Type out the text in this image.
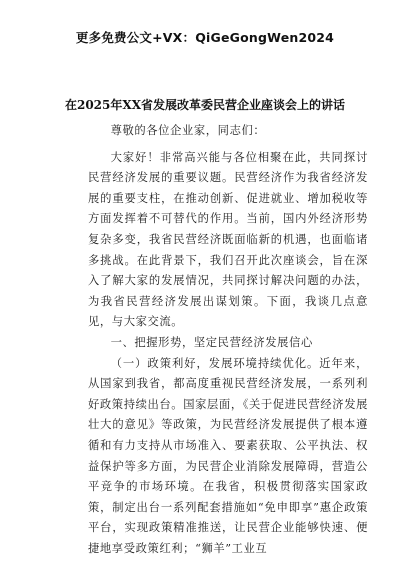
更多免费公文+VX：QiGeGongWen2024
在2025年XX省发展改革委民营企业座谈会上的讲话

尊敬的各位企业家，同志们：

大家好！非常高兴能与各位相聚在此，共同探讨民营经济发展的重要议题。民营经济作为我省经济发展的重要支柱，在推动创新、促进就业、增加税收等方面发挥着不可替代的作用。当前，国内外经济形势复杂多变，我省民营经济既面临新的机遇，也面临诸多挑战。在此背景下，我们召开此次座谈会，旨在深入了解大家的发展情况，共同探讨解决问题的办法，为我省民营经济发展出谋划策。下面，我谈几点意见，与大家交流。

一、把握形势，坚定民营经济发展信心

（一）政策利好，发展环境持续优化。近年来，从国家到我省，都高度重视民营经济发展，一系列利好政策持续出台。国家层面，《关于促进民营经济发展壮大的意见》等政策，为民营经济发展提供了根本遵循和有力支持从市场准入、要素获取、公平执法、权益保护等多方面，为民营企业消除发展障碍，营造公平竞争的市场环境。在我省，积极贯彻落实国家政策，制定出台一系列配套措施如“免申即享”惠企政策平台，实现政策精准推送，让民营企业能够快速、便捷地享受政策红利；“狮羊”工业互
